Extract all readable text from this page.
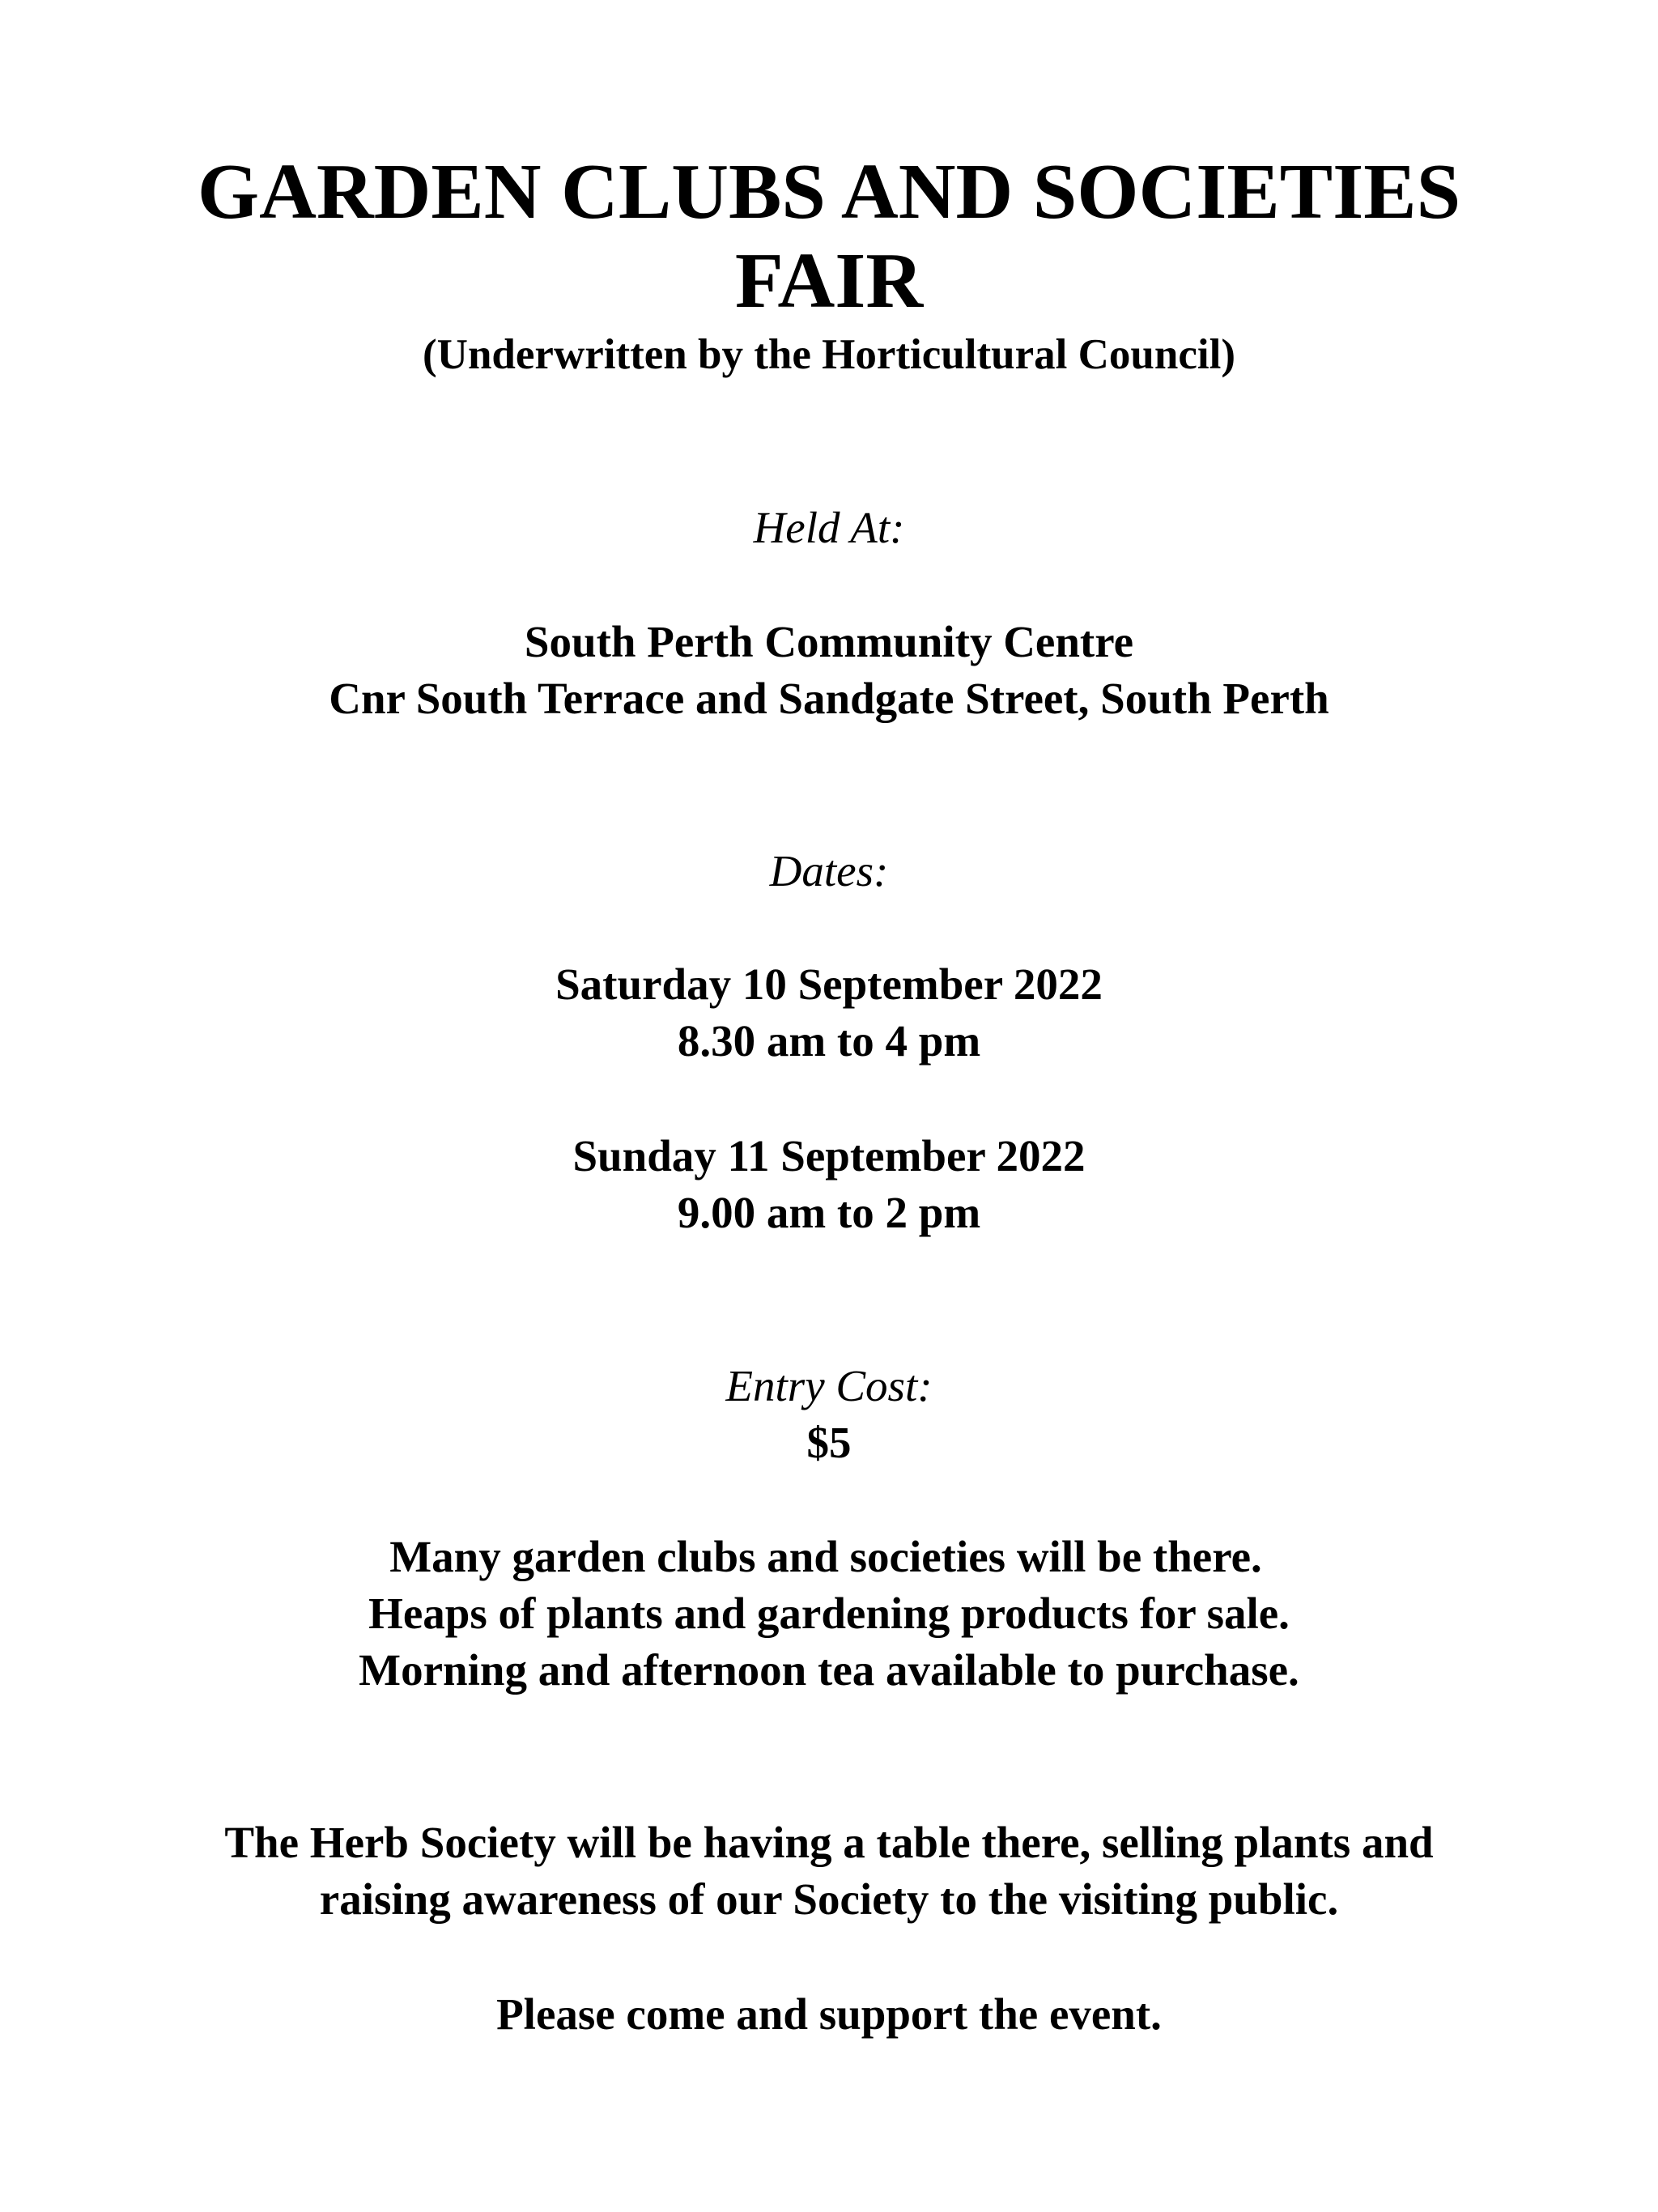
GARDEN CLUBS AND SOCIETIES
FAIR
(Underwritten by the Horticultural Council)
Held At:
South Perth Community Centre
Cnr South Terrace and Sandgate Street, South Perth
Dates:
Saturday 10 September 2022
8.30 am to 4 pm
Sunday 11 September 2022
9.00 am to 2 pm
Entry Cost:
$5
Many garden clubs and societies will be there.
Heaps of plants and gardening products for sale.
Morning and afternoon tea available to purchase.
The Herb Society will be having a table there, selling plants and
raising awareness of our Society to the visiting public.
Please come and support the event.
